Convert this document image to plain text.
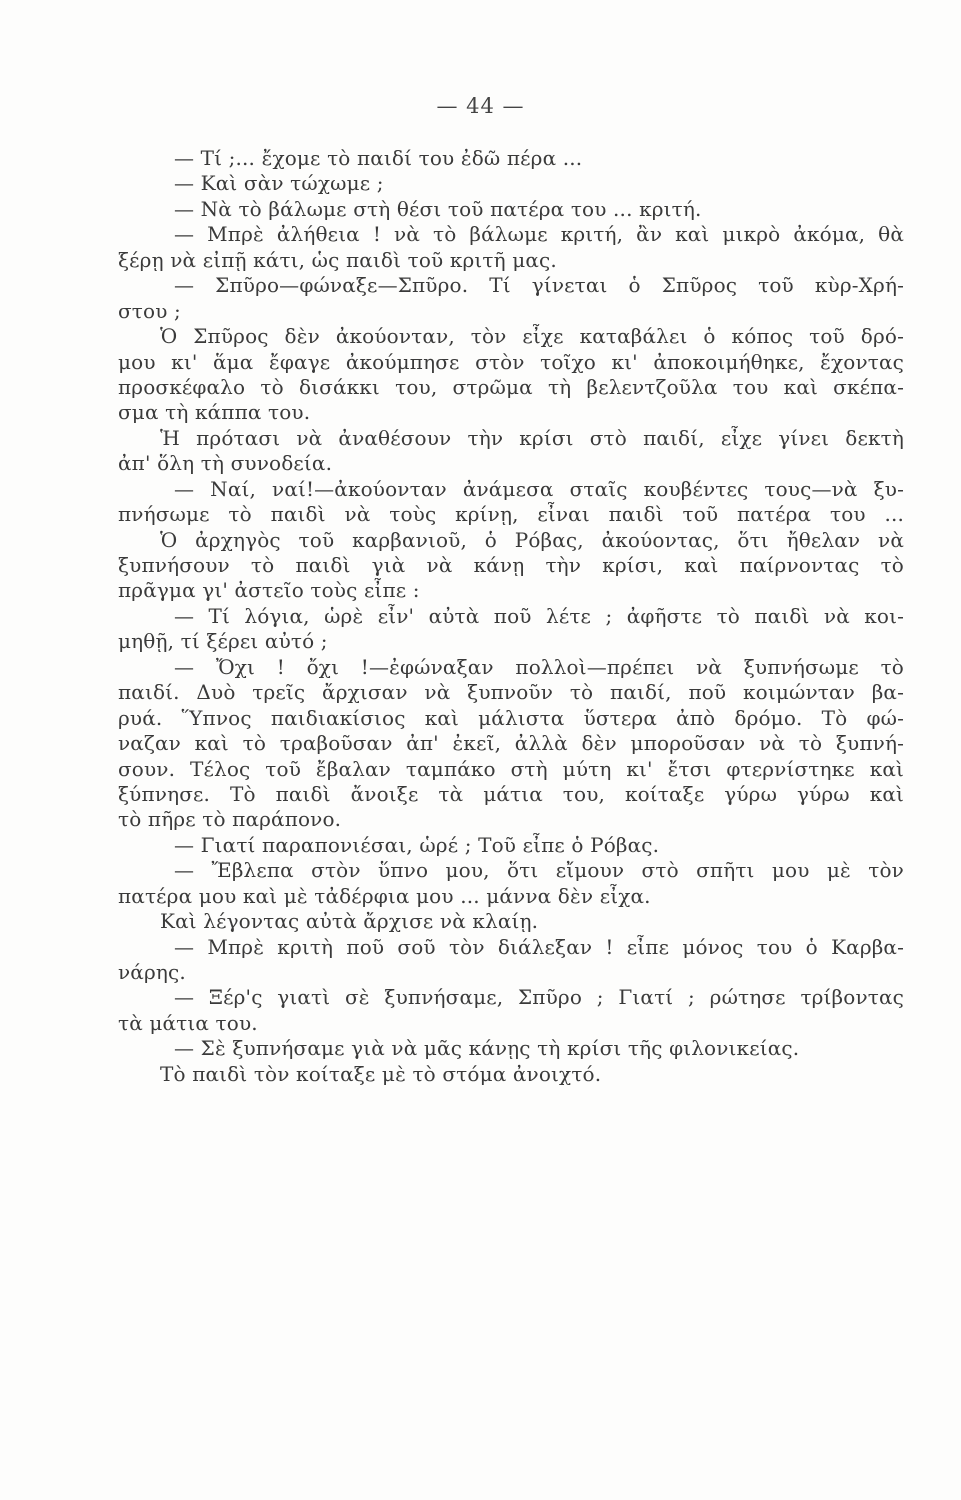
— 44 —
— Τί ;... ἔχομε τὸ παιδί του ἐδῶ πέρα ...
— Καὶ σὰν τώχωμε ;
— Νὰ τὸ βάλωμε στὴ θέσι τοῦ πατέρα του ... κριτή.
— Μπρὲ ἀλήθεια ! νὰ τὸ βάλωμε κριτή, ἂν καὶ μικρὸ ἀκόμα, θὰ
ξέρῃ νὰ εἰπῇ κάτι, ὡς παιδὶ τοῦ κριτῆ μας.
— Σπῦρο—φώναξε—Σπῦρο. Τί γίνεται ὁ Σπῦρος τοῦ κὺρ-Χρή-
στου ;
Ὁ Σπῦρος δὲν ἀκούονταν, τὸν εἶχε καταβάλει ὁ κόπος τοῦ δρό-
μου κι' ἅμα ἔφαγε ἀκούμπησε στὸν τοῖχο κι' ἀποκοιμήθηκε, ἔχοντας
προσκέφαλο τὸ δισάκκι του, στρῶμα τὴ βελεντζοῦλα του καὶ σκέπα-
σμα τὴ κάππα του.
Ἡ πρότασι νὰ ἀναθέσουν τὴν κρίσι στὸ παιδί, εἶχε γίνει δεκτὴ
ἀπ' ὅλη τὴ συνοδεία.
— Ναί, ναί!—ἀκούονταν ἀνάμεσα σταῖς κουβέντες τους—νὰ ξυ-
πνήσωμε τὸ παιδὶ νὰ τοὺς κρίνῃ, εἶναι παιδὶ τοῦ πατέρα του ...
Ὁ ἀρχηγὸς τοῦ καρβανιοῦ, ὁ Ρόβας, ἀκούοντας, ὅτι ἤθελαν νὰ
ξυπνήσουν τὸ παιδὶ γιὰ νὰ κάνῃ τὴν κρίσι, καὶ παίρνοντας τὸ
πρᾶγμα γι' ἀστεῖο τοὺς εἶπε :
— Τί λόγια, ὡρὲ εἶν' αὐτὰ ποῦ λέτε ; ἀφῆστε τὸ παιδὶ νὰ κοι-
μηθῇ, τί ξέρει αὐτό ;
— Ὄχι ! ὄχι !—ἐφώναξαν πολλοὶ—πρέπει νὰ ξυπνήσωμε τὸ
παιδί. Δυὸ τρεῖς ἄρχισαν νὰ ξυπνοῦν τὸ παιδί, ποῦ κοιμώνταν βα-
ρυά. Ὕπνος παιδιακίσιος καὶ μάλιστα ὕστερα ἀπὸ δρόμο. Τὸ φώ-
ναζαν καὶ τὸ τραβοῦσαν ἀπ' ἐκεῖ, ἀλλὰ δὲν μποροῦσαν νὰ τὸ ξυπνή-
σουν. Τέλος τοῦ ἔβαλαν ταμπάκο στὴ μύτη κι' ἔτσι φτερνίστηκε καὶ
ξύπνησε. Τὸ παιδὶ ἄνοιξε τὰ μάτια του, κοίταξε γύρω γύρω καὶ
τὸ πῆρε τὸ παράπονο.
— Γιατί παραπονιέσαι, ὡρέ ; Τοῦ εἶπε ὁ Ρόβας.
— Ἔβλεπα στὸν ὕπνο μου, ὅτι εἴμουν στὸ σπῆτι μου μὲ τὸν
πατέρα μου καὶ μὲ τἀδέρφια μου ... μάννα δὲν εἶχα.
Καὶ λέγοντας αὐτὰ ἄρχισε νὰ κλαίῃ.
— Μπρὲ κριτὴ ποῦ σοῦ τὸν διάλεξαν ! εἶπε μόνος του ὁ Καρβα-
νάρης.
— Ξέρ'ς γιατὶ σὲ ξυπνήσαμε, Σπῦρο ; Γιατί ; ρώτησε τρίβοντας
τὰ μάτια του.
— Σὲ ξυπνήσαμε γιὰ νὰ μᾶς κάνῃς τὴ κρίσι τῆς φιλονικείας.
Τὸ παιδὶ τὸν κοίταξε μὲ τὸ στόμα ἀνοιχτό.
